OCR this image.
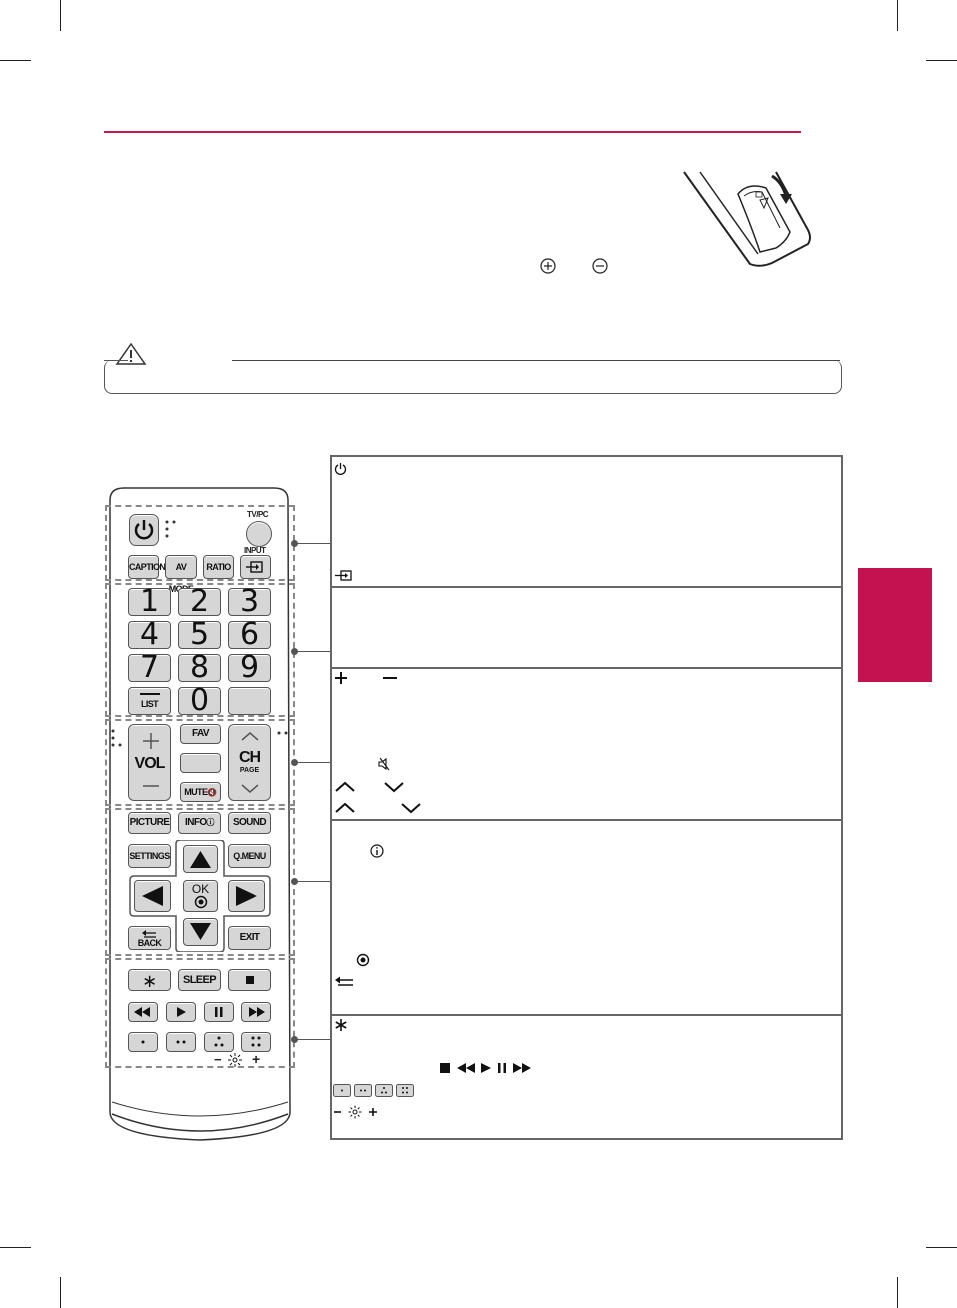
TV/PC
INPUT
CAPTION	AV	RATIO
1	2	3
4	5	6
7	8	9
LIST	0
VOL
FAV
MUTE🔇
CH
PAGE
PICTURE	INFOⓘ	SOUND
SETTINGS	Q.MENU
OK
BACK	EXIT
∗	SLEEP
− +
